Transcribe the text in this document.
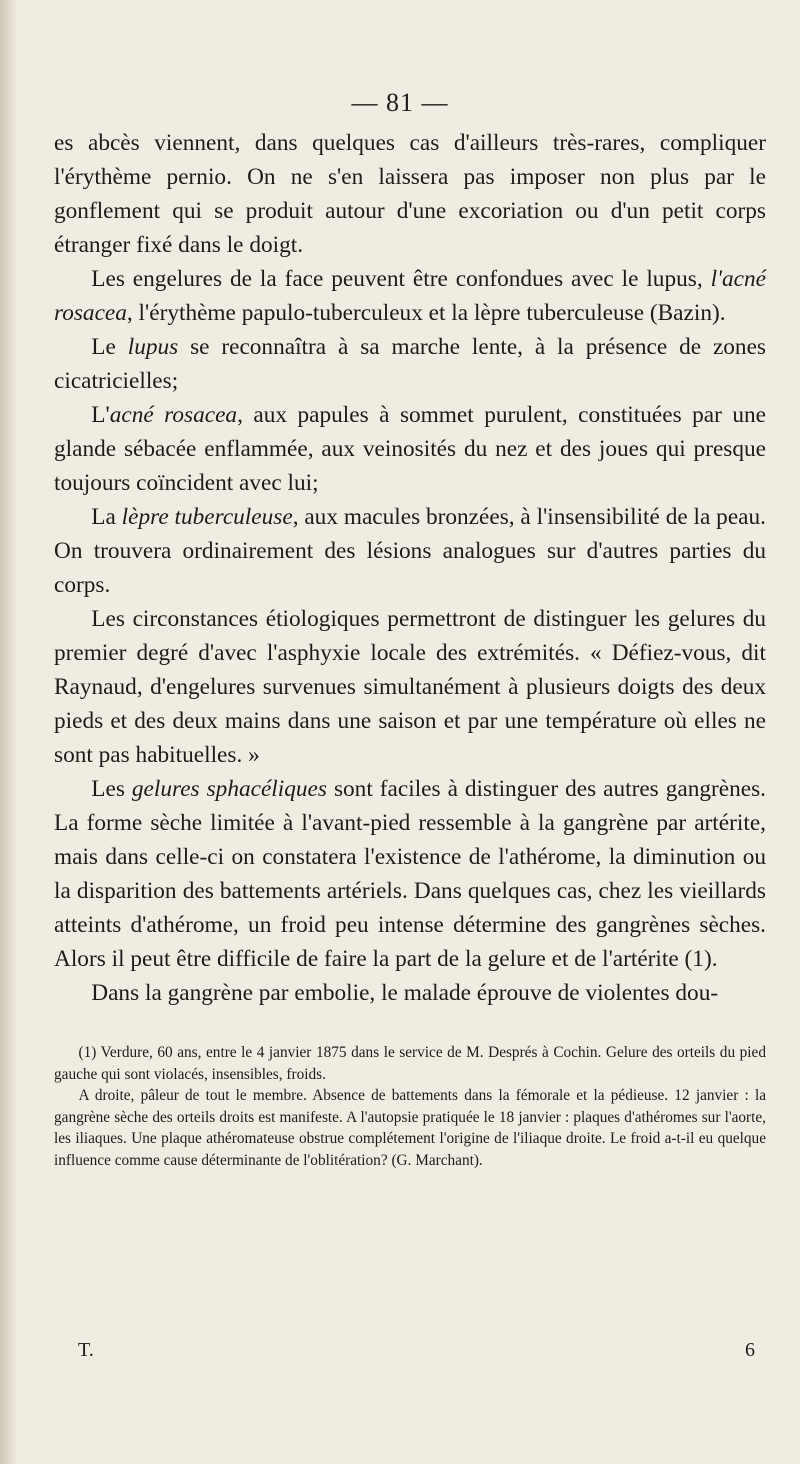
— 81 —

es abcès viennent, dans quelques cas d'ailleurs très-rares, compliquer l'érythème pernio. On ne s'en laissera pas imposer non plus par le gonflement qui se produit autour d'une excoriation ou d'un petit corps étranger fixé dans le doigt.

Les engelures de la face peuvent être confondues avec le lupus, l'acné rosacea, l'érythème papulo-tuberculeux et la lèpre tuberculeuse (Bazin).

Le lupus se reconnaîtra à sa marche lente, à la présence de zones cicatricielles;

L'acné rosacea, aux papules à sommet purulent, constituées par une glande sébacée enflammée, aux veinosités du nez et des joues qui presque toujours coïncident avec lui;

La lèpre tuberculeuse, aux macules bronzées, à l'insensibilité de la peau. On trouvera ordinairement des lésions analogues sur d'autres parties du corps.

Les circonstances étiologiques permettront de distinguer les gelures du premier degré d'avec l'asphyxie locale des extrémités. « Défiez-vous, dit Raynaud, d'engelures survenues simultanément à plusieurs doigts des deux pieds et des deux mains dans une saison et par une température où elles ne sont pas habituelles. »

Les gelures sphacéliques sont faciles à distinguer des autres gangrènes. La forme sèche limitée à l'avant-pied ressemble à la gangrène par artérite, mais dans celle-ci on constatera l'existence de l'athérome, la diminution ou la disparition des battements artériels. Dans quelques cas, chez les vieillards atteints d'athérome, un froid peu intense détermine des gangrènes sèches. Alors il peut être difficile de faire la part de la gelure et de l'artérite (1).

Dans la gangrène par embolie, le malade éprouve de violentes dou-

(1) Verdure, 60 ans, entre le 4 janvier 1875 dans le service de M. Després à Cochin. Gelure des orteils du pied gauche qui sont violacés, insensibles, froids.

A droite, pâleur de tout le membre. Absence de battements dans la fémorale et la pédieuse. 12 janvier : la gangrène sèche des orteils droits est manifeste. A l'autopsie pratiquée le 18 janvier : plaques d'athéromes sur l'aorte, les iliaques. Une plaque athéromateuse obstrue complétement l'origine de l'iliaque droite. Le froid a-t-il eu quelque influence comme cause déterminante de l'oblitération? (G. Marchant).

T.	6
